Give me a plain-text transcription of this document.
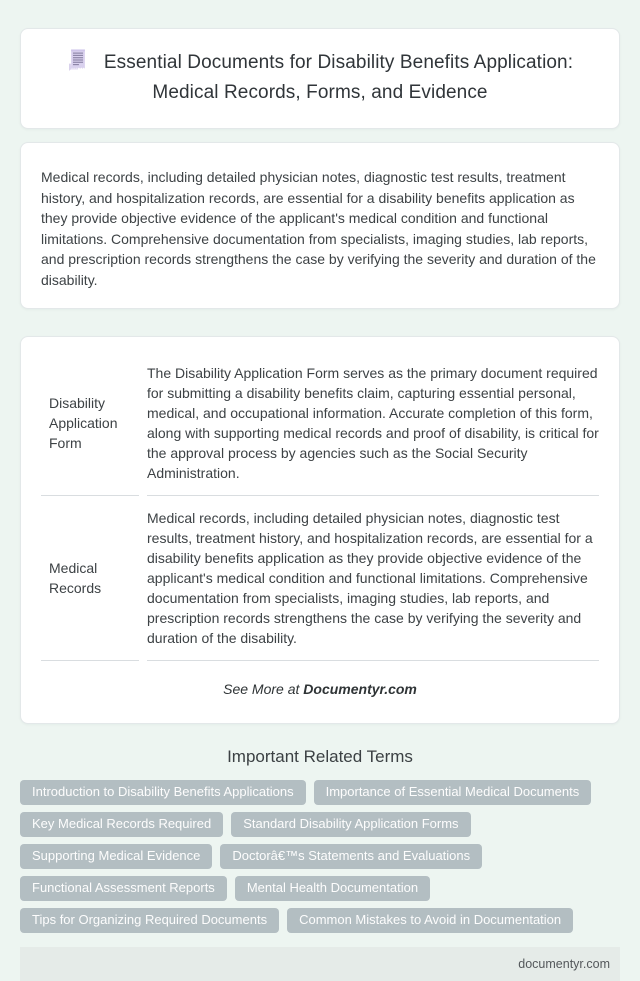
Essential Documents for Disability Benefits Application: Medical Records, Forms, and Evidence

Medical records, including detailed physician notes, diagnostic test results, treatment history, and hospitalization records, are essential for a disability benefits application as they provide objective evidence of the applicant's medical condition and functional limitations. Comprehensive documentation from specialists, imaging studies, lab reports, and prescription records strengthens the case by verifying the severity and duration of the disability.

Disability Application Form	The Disability Application Form serves as the primary document required for submitting a disability benefits claim, capturing essential personal, medical, and occupational information. Accurate completion of this form, along with supporting medical records and proof of disability, is critical for the approval process by agencies such as the Social Security Administration.
Medical Records	Medical records, including detailed physician notes, diagnostic test results, treatment history, and hospitalization records, are essential for a disability benefits application as they provide objective evidence of the applicant's medical condition and functional limitations. Comprehensive documentation from specialists, imaging studies, lab reports, and prescription records strengthens the case by verifying the severity and duration of the disability.

See More at Documentyr.com

Important Related Terms
Introduction to Disability Benefits Applications	Importance of Essential Medical Documents
Key Medical Records Required	Standard Disability Application Forms
Supporting Medical Evidence	Doctorâ€™s Statements and Evaluations
Functional Assessment Reports	Mental Health Documentation
Tips for Organizing Required Documents	Common Mistakes to Avoid in Documentation
documentyr.com
